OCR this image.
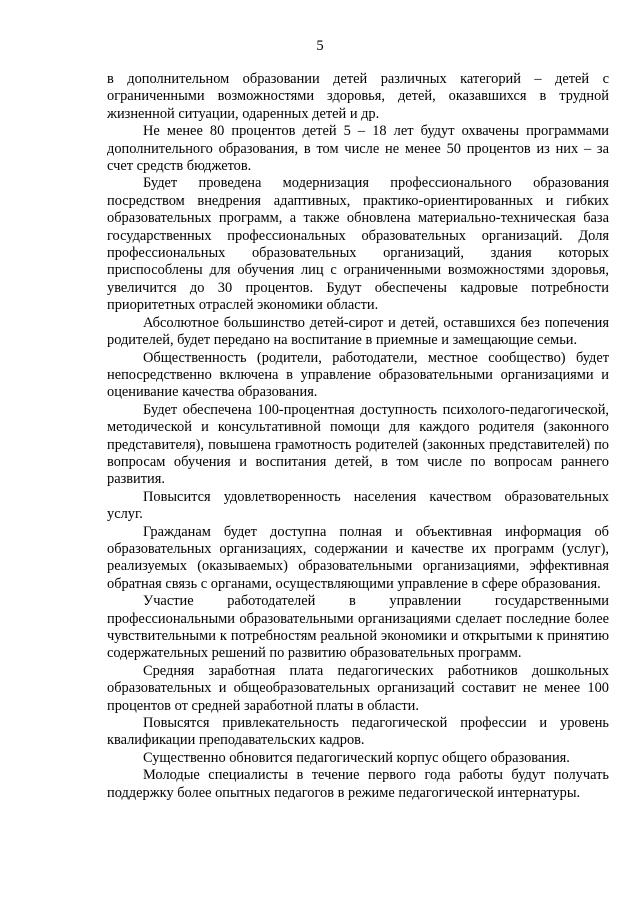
5

в дополнительном образовании детей различных категорий – детей с ограниченными возможностями здоровья, детей, оказавшихся в трудной жизненной ситуации, одаренных детей и др.

Не менее 80 процентов детей 5 – 18 лет будут охвачены программами дополнительного образования, в том числе не менее 50 процентов из них – за счет средств бюджетов.

Будет проведена модернизация профессионального образования посредством внедрения адаптивных, практико-ориентированных и гибких образовательных программ, а также обновлена материально-техническая база государственных профессиональных образовательных организаций. Доля профессиональных образовательных организаций, здания которых приспособлены для обучения лиц с ограниченными возможностями здоровья, увеличится до 30 процентов. Будут обеспечены кадровые потребности приоритетных отраслей экономики области.

Абсолютное большинство детей-сирот и детей, оставшихся без попечения родителей, будет передано на воспитание в приемные и замещающие семьи.

Общественность (родители, работодатели, местное сообщество) будет непосредственно включена в управление образовательными организациями и оценивание качества образования.

Будет обеспечена 100-процентная доступность психолого-педагогической, методической и консультативной помощи для каждого родителя (законного представителя), повышена грамотность родителей (законных представителей) по вопросам обучения и воспитания детей, в том числе по вопросам раннего развития.

Повысится удовлетворенность населения качеством образовательных услуг.

Гражданам будет доступна полная и объективная информация об образовательных организациях, содержании и качестве их программ (услуг), реализуемых (оказываемых) образовательными организациями, эффективная обратная связь с органами, осуществляющими управление в сфере образования.

Участие работодателей в управлении государственными профессиональными образовательными организациями сделает последние более чувствительными к потребностям реальной экономики и открытыми к принятию содержательных решений по развитию образовательных программ.

Средняя заработная плата педагогических работников дошкольных образовательных и общеобразовательных организаций составит не менее 100 процентов от средней заработной платы в области.

Повысятся привлекательность педагогической профессии и уровень квалификации преподавательских кадров.

Существенно обновится педагогический корпус общего образования.

Молодые специалисты в течение первого года работы будут получать поддержку более опытных педагогов в режиме педагогической интернатуры.
